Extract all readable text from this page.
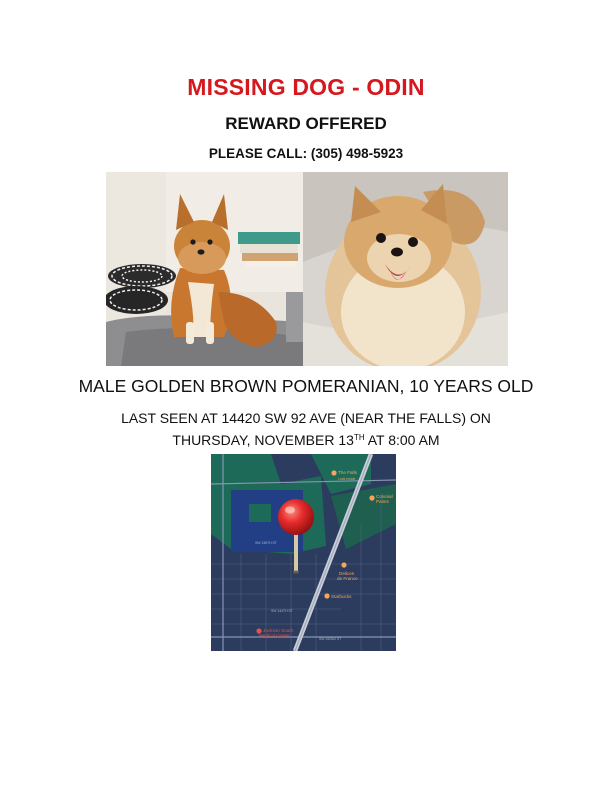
MISSING DOG - ODIN
REWARD OFFERED
PLEASE CALL: (305) 498-5923
MALE GOLDEN BROWN POMERANIAN, 10 YEARS OLD
LAST SEEN AT 14420 SW 92 AVE (NEAR THE FALLS) ON
THURSDAY, NOVEMBER 13TH AT 8:00 AM
SW 136TH ST
SW 144TH ST
SW 152ND ST
The Falls
Look Inside
Colonial
Palms
Delices
de France
Starbucks
Jackson South
Medical Center
